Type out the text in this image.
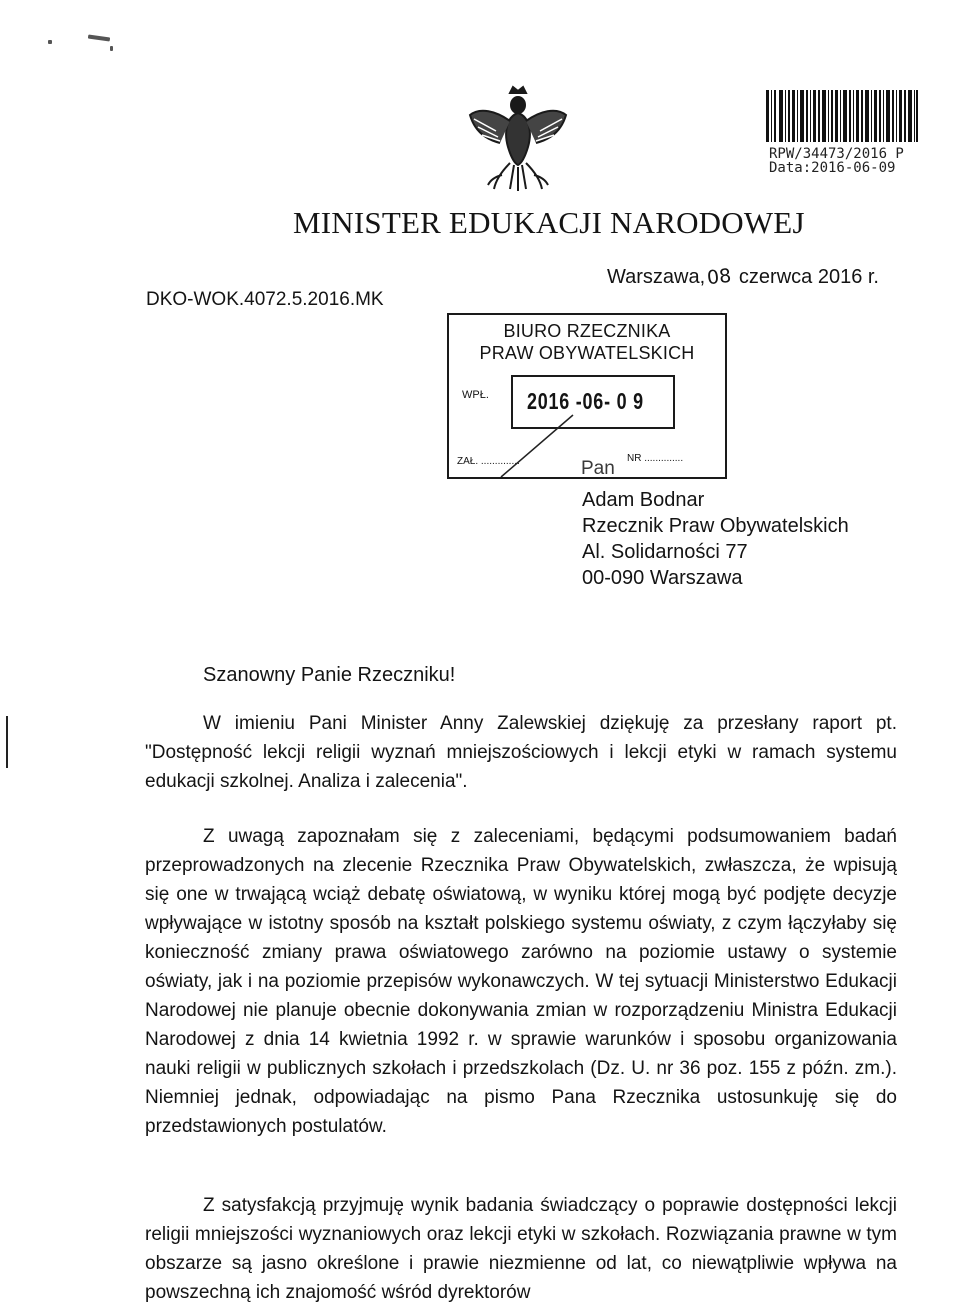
RPW/34473/2016 P
Data:2016-06-09
MINISTER EDUKACJI NARODOWEJ
Warszawa,08 czerwca 2016 r.
DKO-WOK.4072.5.2016.MK
BIURO RZECZNIKA
PRAW OBYWATELSKICH
WPŁ. 2016 -06- 0 9
ZAŁ. ..............	NR ..............
Pan
Adam Bodnar
Rzecznik Praw Obywatelskich
Al. Solidarności 77
00-090 Warszawa
Szanowny Panie Rzeczniku!

W imieniu Pani Minister Anny Zalewskiej dziękuję za przesłany raport pt. "Dostępność lekcji religii wyznań mniejszościowych i lekcji etyki w ramach systemu edukacji szkolnej. Analiza i zalecenia".

Z uwagą zapoznałam się z zaleceniami, będącymi podsumowaniem badań przeprowadzonych na zlecenie Rzecznika Praw Obywatelskich, zwłaszcza, że wpisują się one w trwającą wciąż debatę oświatową, w wyniku której mogą być podjęte decyzje wpływające w istotny sposób na kształt polskiego systemu oświaty, z czym łączyłaby się konieczność zmiany prawa oświatowego zarówno na poziomie ustawy o systemie oświaty, jak i na poziomie przepisów wykonawczych. W tej sytuacji Ministerstwo Edukacji Narodowej nie planuje obecnie dokonywania zmian w rozporządzeniu Ministra Edukacji Narodowej z dnia 14 kwietnia 1992 r. w sprawie warunków i sposobu organizowania nauki religii w publicznych szkołach i przedszkolach (Dz. U. nr 36 poz. 155 z późn. zm.). Niemniej jednak, odpowiadając na pismo Pana Rzecznika ustosunkuję się do przedstawionych postulatów.

Z satysfakcją przyjmuję wynik badania świadczący o poprawie dostępności lekcji religii mniejszości wyznaniowych oraz lekcji etyki w szkołach. Rozwiązania prawne w tym obszarze są jasno określone i prawie niezmienne od lat, co niewątpliwie wpływa na powszechną ich znajomość wśród dyrektorów
